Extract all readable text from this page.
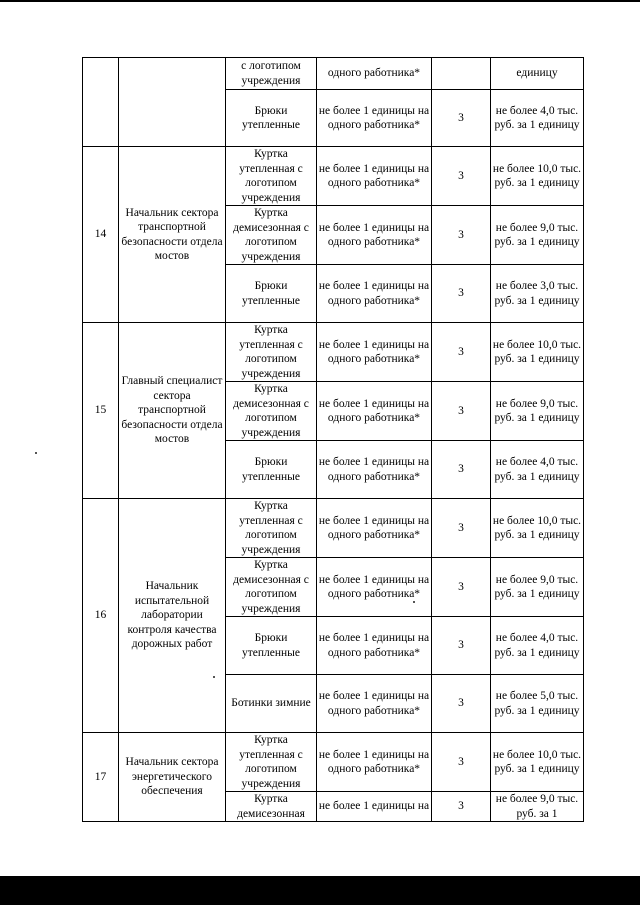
		с логотипом учреждения	одного работника*		единицу
		Брюки утепленные	не более 1 единицы на одного работника*	3	не более 4,0 тыс. руб. за 1 единицу
14	Начальник сектора транспортной безопасности отдела мостов	Куртка утепленная с логотипом учреждения	не более 1 единицы на одного работника*	3	не более 10,0 тыс. руб. за 1 единицу
		Куртка демисезонная с логотипом учреждения	не более 1 единицы на одного работника*	3	не более 9,0 тыс. руб. за 1 единицу
		Брюки утепленные	не более 1 единицы на одного работника*	3	не более 3,0 тыс. руб. за 1 единицу
15	Главный специалист сектора транспортной безопасности отдела мостов	Куртка утепленная с логотипом учреждения	не более 1 единицы на одного работника*	3	не более 10,0 тыс. руб. за 1 единицу
		Куртка демисезонная с логотипом учреждения	не более 1 единицы на одного работника*	3	не более 9,0 тыс. руб. за 1 единицу
		Брюки утепленные	не более 1 единицы на одного работника*	3	не более 4,0 тыс. руб. за 1 единицу
16	Начальник испытательной лаборатории контроля качества дорожных работ	Куртка утепленная с логотипом учреждения	не более 1 единицы на одного работника*	3	не более 10,0 тыс. руб. за 1 единицу
		Куртка демисезонная с логотипом учреждения	не более 1 единицы на одного работника*	3	не более 9,0 тыс. руб. за 1 единицу
		Брюки утепленные	не более 1 единицы на одного работника*	3	не более 4,0 тыс. руб. за 1 единицу
		Ботинки зимние	не более 1 единицы на одного работника*	3	не более 5,0 тыс. руб. за 1 единицу
17	Начальник сектора энергетического обеспечения	Куртка утепленная с логотипом учреждения	не более 1 единицы на одного работника*	3	не более 10,0 тыс. руб. за 1 единицу
		Куртка демисезонная	не более 1 единицы на	3	не более 9,0 тыс. руб. за 1
